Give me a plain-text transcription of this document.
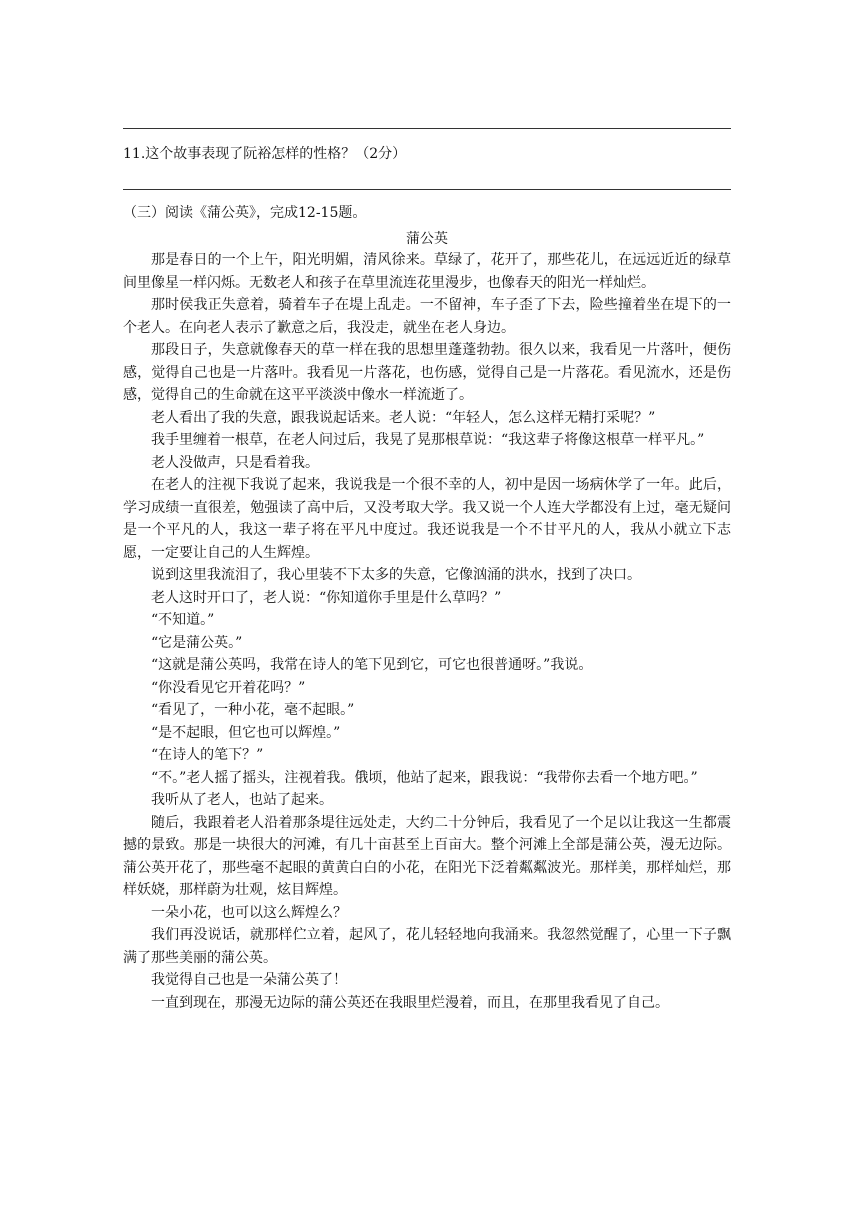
11.这个故事表现了阮裕怎样的性格？（2分）
（三）阅读《蒲公英》，完成12-15题。
蒲公英

那是春日的一个上午，阳光明媚，清风徐来。草绿了，花开了，那些花儿，在远远近近的绿草间里像星一样闪烁。无数老人和孩子在草里流连花里漫步，也像春天的阳光一样灿烂。

那时侯我正失意着，骑着车子在堤上乱走。一不留神，车子歪了下去，险些撞着坐在堤下的一个老人。在向老人表示了歉意之后，我没走，就坐在老人身边。

那段日子，失意就像春天的草一样在我的思想里蓬蓬勃勃。很久以来，我看见一片落叶，便伤感，觉得自己也是一片落叶。我看见一片落花，也伤感，觉得自己是一片落花。看见流水，还是伤感，觉得自己的生命就在这平平淡淡中像水一样流逝了。

老人看出了我的失意，跟我说起话来。老人说：“年轻人，怎么这样无精打采呢？”

我手里缠着一根草，在老人问过后，我晃了晃那根草说：“我这辈子将像这根草一样平凡。”

老人没做声，只是看着我。

在老人的注视下我说了起来，我说我是一个很不幸的人，初中是因一场病休学了一年。此后，学习成绩一直很差，勉强读了高中后，又没考取大学。我又说一个人连大学都没有上过，毫无疑问是一个平凡的人，我这一辈子将在平凡中度过。我还说我是一个不甘平凡的人，我从小就立下志愿，一定要让自己的人生辉煌。

说到这里我流泪了，我心里装不下太多的失意，它像汹涌的洪水，找到了决口。

老人这时开口了，老人说：“你知道你手里是什么草吗？”

“不知道。”

“它是蒲公英。”

“这就是蒲公英吗，我常在诗人的笔下见到它，可它也很普通呀。”我说。

“你没看见它开着花吗？”

“看见了，一种小花，毫不起眼。”

“是不起眼，但它也可以辉煌。”

“在诗人的笔下？”

“不。”老人摇了摇头，注视着我。俄顷，他站了起来，跟我说：“我带你去看一个地方吧。”

我听从了老人，也站了起来。

随后，我跟着老人沿着那条堤往远处走，大约二十分钟后，我看见了一个足以让我这一生都震撼的景致。那是一块很大的河滩，有几十亩甚至上百亩大。整个河滩上全部是蒲公英，漫无边际。蒲公英开花了，那些毫不起眼的黄黄白白的小花，在阳光下泛着粼粼波光。那样美，那样灿烂，那样妖娆，那样蔚为壮观，炫目辉煌。

一朵小花，也可以这么辉煌么？

我们再没说话，就那样伫立着，起风了，花儿轻轻地向我涌来。我忽然觉醒了，心里一下子飘满了那些美丽的蒲公英。

我觉得自己也是一朵蒲公英了！

一直到现在，那漫无边际的蒲公英还在我眼里烂漫着，而且，在那里我看见了自己。
